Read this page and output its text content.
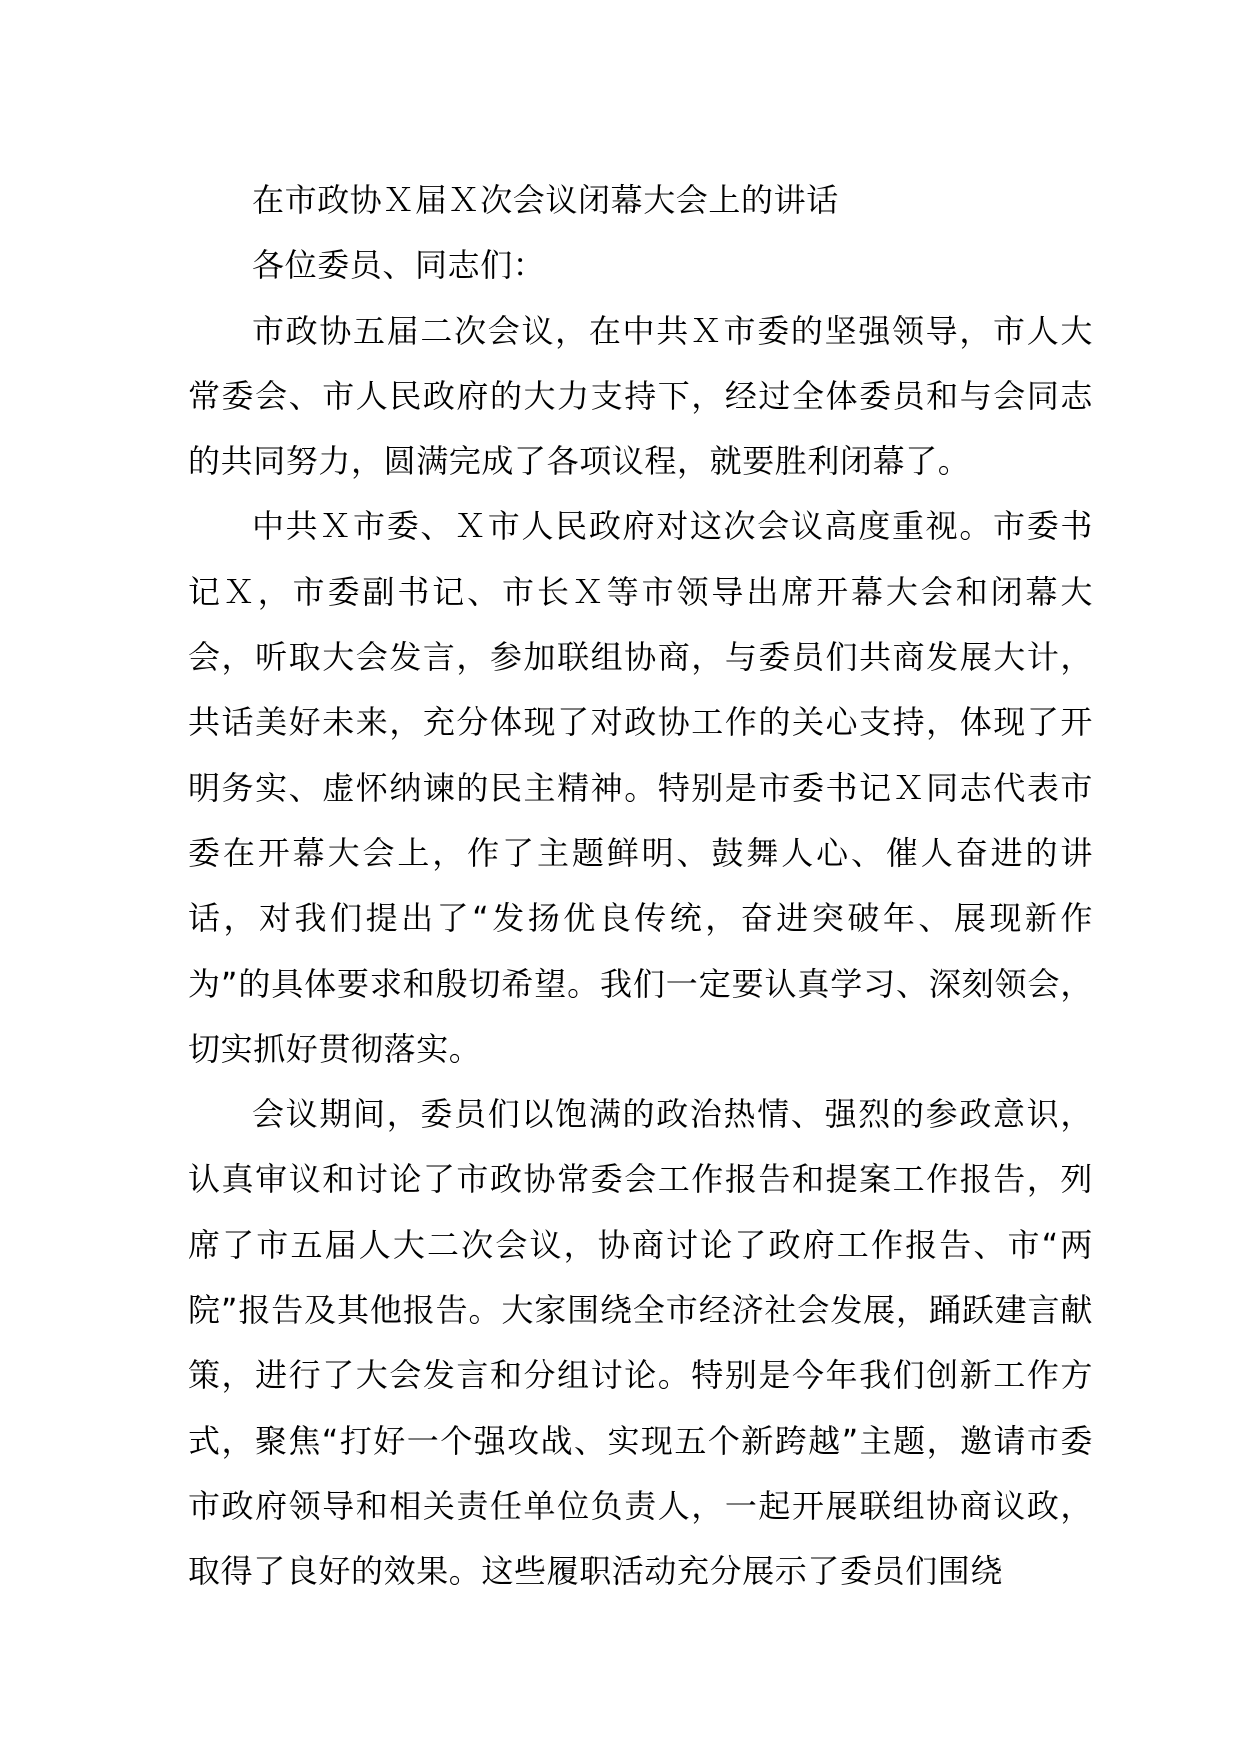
在市政协Ｘ届Ｘ次会议闭幕大会上的讲话

各位委员、同志们：

市政协五届二次会议，在中共Ｘ市委的坚强领导，市人大常委会、市人民政府的大力支持下，经过全体委员和与会同志的共同努力，圆满完成了各项议程，就要胜利闭幕了。

中共Ｘ市委、Ｘ市人民政府对这次会议高度重视。市委书记Ｘ，市委副书记、市长Ｘ等市领导出席开幕大会和闭幕大会，听取大会发言，参加联组协商，与委员们共商发展大计，共话美好未来，充分体现了对政协工作的关心支持，体现了开明务实、虚怀纳谏的民主精神。特别是市委书记Ｘ同志代表市委在开幕大会上，作了主题鲜明、鼓舞人心、催人奋进的讲话，对我们提出了“发扬优良传统，奋进突破年、展现新作为”的具体要求和殷切希望。我们一定要认真学习、深刻领会，切实抓好贯彻落实。

会议期间，委员们以饱满的政治热情、强烈的参政意识，认真审议和讨论了市政协常委会工作报告和提案工作报告，列席了市五届人大二次会议，协商讨论了政府工作报告、市“两院”报告及其他报告。大家围绕全市经济社会发展，踊跃建言献策，进行了大会发言和分组讨论。特别是今年我们创新工作方式，聚焦“打好一个强攻战、实现五个新跨越”主题，邀请市委市政府领导和相关责任单位负责人，一起开展联组协商议政，取得了良好的效果。这些履职活动充分展示了委员们围绕
